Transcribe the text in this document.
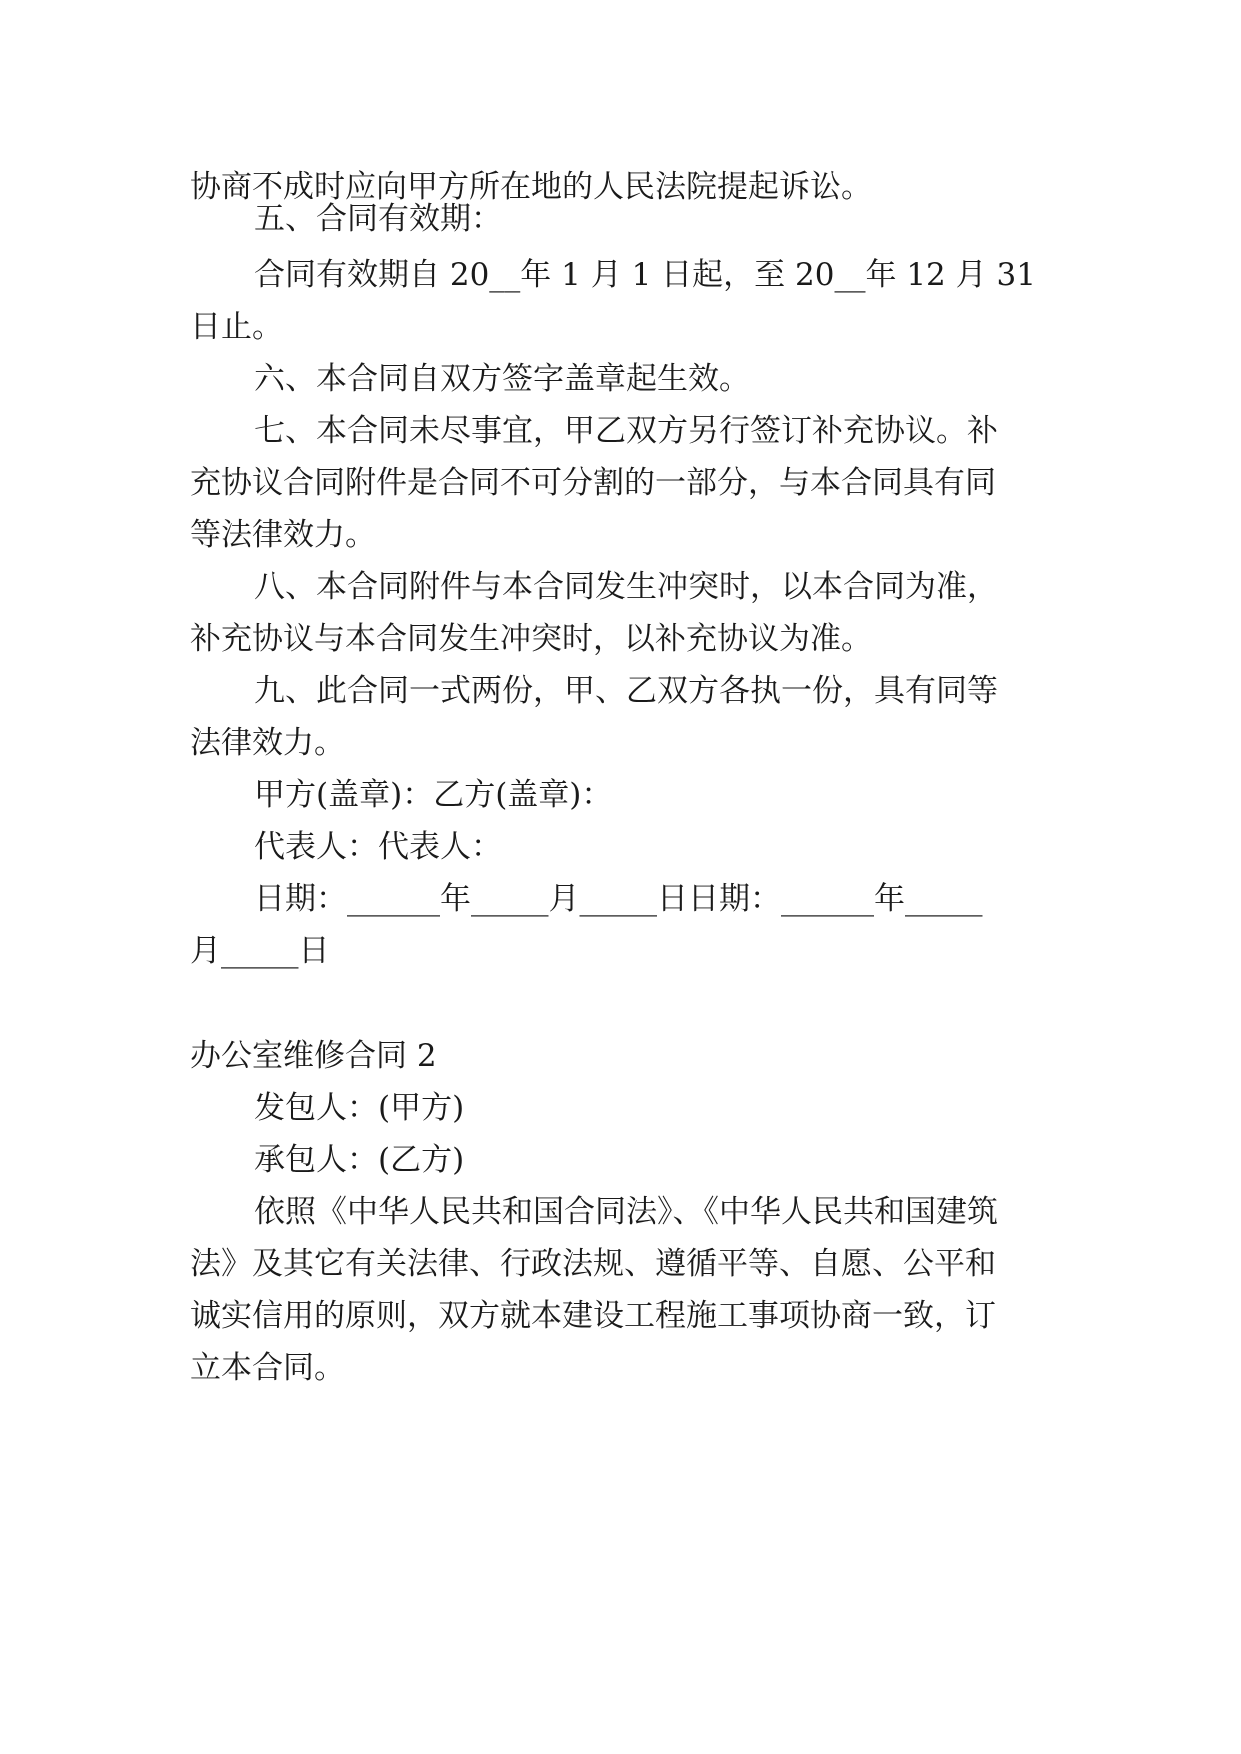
协商不成时应向甲方所在地的人民法院提起诉讼。

五、合同有效期：

合同有效期自 20__年 1 月 1 日起，至 20__年 12 月 31

日止。

六、本合同自双方签字盖章起生效。

七、本合同未尽事宜，甲乙双方另行签订补充协议。补

充协议合同附件是合同不可分割的一部分，与本合同具有同

等法律效力。

八、本合同附件与本合同发生冲突时，以本合同为准，

补充协议与本合同发生冲突时，以补充协议为准。

九、此合同一式两份，甲、乙双方各执一份，具有同等

法律效力。

甲方(盖章)：乙方(盖章)：

代表人：代表人：

日期：______年_____月_____日日期：______年_____

月_____日

办公室维修合同 2

发包人：(甲方)

承包人：(乙方)

依照《中华人民共和国合同法》、《中华人民共和国建筑

法》及其它有关法律、行政法规、遵循平等、自愿、公平和

诚实信用的原则，双方就本建设工程施工事项协商一致，订

立本合同。
